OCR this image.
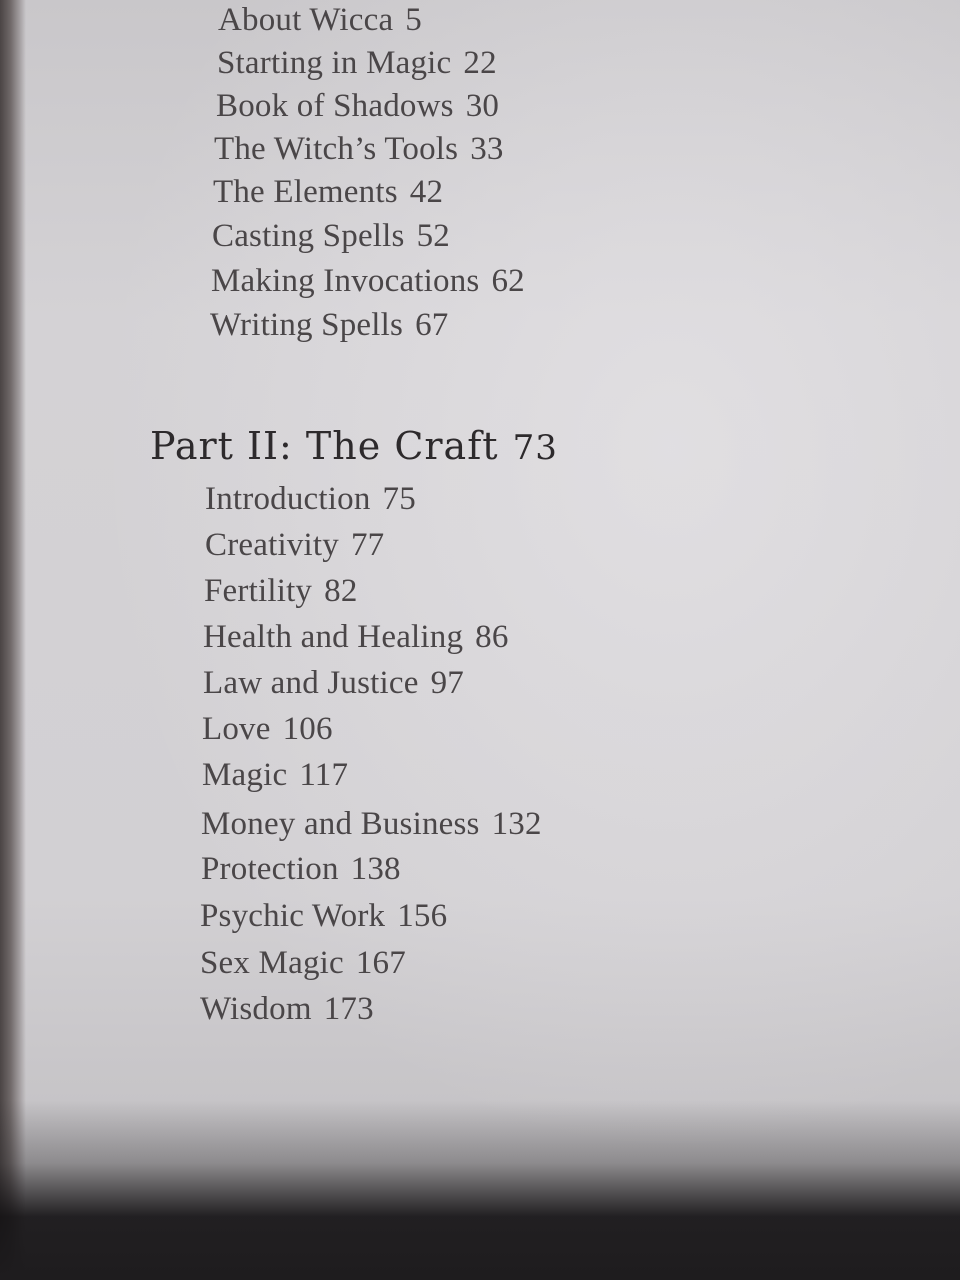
About Wicca 5

Starting in Magic 22

Book of Shadows 30

The Witch’s Tools 33

The Elements 42

Casting Spells 52

Making Invocations 62

Writing Spells 67

Part II: The Craft 73

Introduction 75

Creativity 77

Fertility 82

Health and Healing 86

Law and Justice 97

Love 106

Magic 117

Money and Business 132

Protection 138

Psychic Work 156

Sex Magic 167

Wisdom 173
